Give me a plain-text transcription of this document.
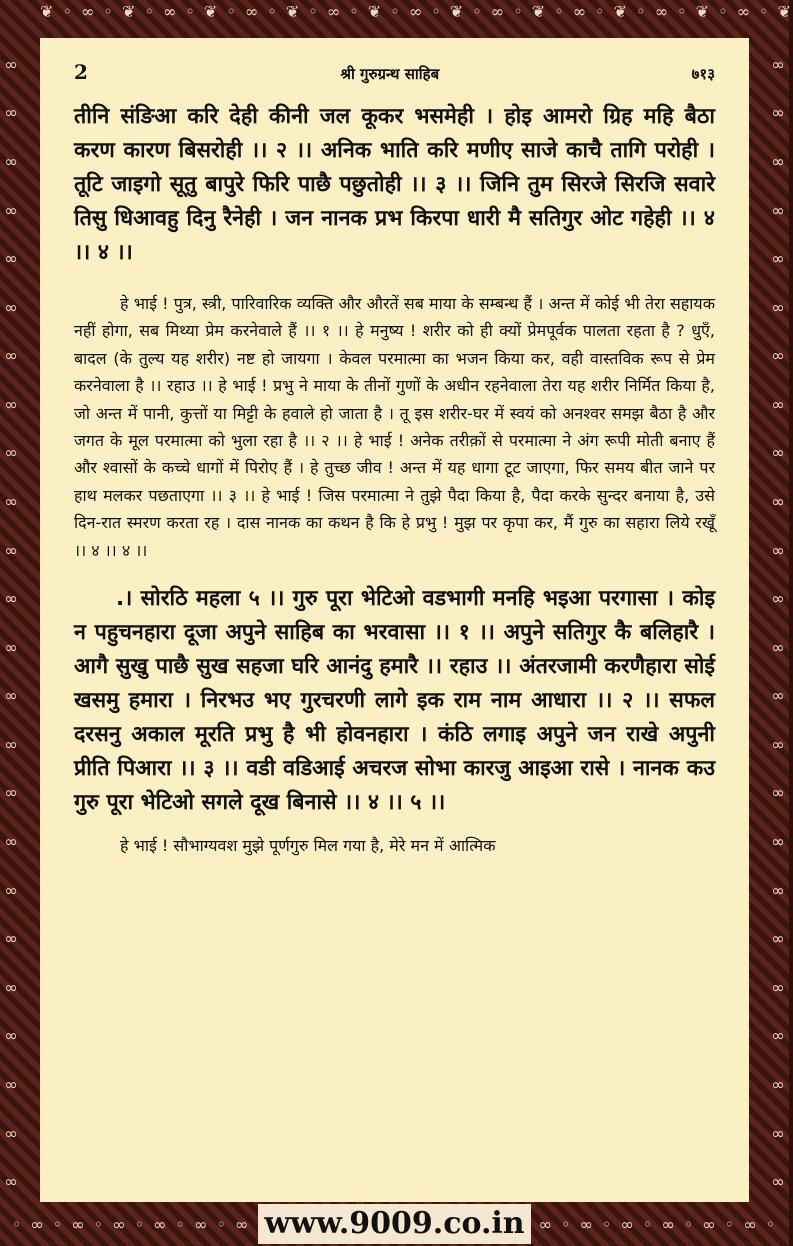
❦ ◦ ∞ ◦ ❦ ◦ ∞ ◦ ❦ ◦ ∞ ◦ ❦ ◦ ∞ ◦ ❦ ◦ ∞ ◦ ❦ ◦ ∞ ◦ ❦ ◦ ∞ ◦ ❦ ◦ ∞ ◦ ❦ ◦ ∞ ◦ ❦
∞
∞
∞
∞
∞
∞
∞
∞
∞
∞
∞
∞
∞
∞
∞
∞
∞
∞
∞
∞
∞
∞
∞
∞
∞
∞
∞
∞
∞
∞
∞
∞
∞
∞
∞
∞
∞
∞
∞
∞
∞
∞
∞
∞
∞
∞
∞
∞
2	श्री गुरुग्रन्थ साहिब	७१३

तीनि संङिआ करि देही कीनी जल कूकर भसमेही । होइ आमरो ग्रिह महि बैठा करण कारण बिसरोही ।। २ ।। अनिक भाति करि मणीए साजे काचै तागि परोही । तूटि जाइगो सूतु बापुरे फिरि पाछै पछुतोही ।। ३ ।। जिनि तुम सिरजे सिरजि सवारे तिसु धिआवहु दिनु रैनेही । जन नानक प्रभ किरपा धारी मै सतिगुर ओट गहेही ।। ४ ।। ४ ।।

हे भाई ! पुत्र, स्त्री, पारिवारिक व्यक्ति और औरतें सब माया के सम्बन्ध हैं । अन्त में कोई भी तेरा सहायक नहीं होगा, सब मिथ्या प्रेम करनेवाले हैं ।। १ ।। हे मनुष्य ! शरीर को ही क्यों प्रेमपूर्वक पालता रहता है ? धुएँ, बादल (के तुल्य यह शरीर) नष्ट हो जायगा । केवल परमात्मा का भजन किया कर, वही वास्तविक रूप से प्रेम करनेवाला है ।। रहाउ ।। हे भाई ! प्रभु ने माया के तीनों गुणों के अधीन रहनेवाला तेरा यह शरीर निर्मित किया है, जो अन्त में पानी, कुत्तों या मिट्टी के हवाले हो जाता है । तू इस शरीर-घर में स्वयं को अनश्वर समझ बैठा है और जगत के मूल परमात्मा को भुला रहा है ।। २ ।। हे भाई ! अनेक तरीक़ों से परमात्मा ने अंग रूपी मोती बनाए हैं और श्वासों के कच्चे धागों में पिरोए हैं । हे तुच्छ जीव ! अन्त में यह धागा टूट जाएगा, फिर समय बीत जाने पर हाथ मलकर पछताएगा ।। ३ ।। हे भाई ! जिस परमात्मा ने तुझे पैदा किया है, पैदा करके सुन्दर बनाया है, उसे दिन-रात स्मरण करता रह । दास नानक का कथन है कि हे प्रभु ! मुझ पर कृपा कर, मैं गुरु का सहारा लिये रखूँ ।। ४ ।। ४ ।।

.। सोरठि महला ५ ।। गुरु पूरा भेटिओ वडभागी मनहि भइआ परगासा । कोइ न पहुचनहारा दूजा अपुने साहिब का भरवासा ।। १ ।। अपुने सतिगुर कै बलिहारै । आगै सुखु पाछै सुख सहजा घरि आनंदु हमारै ।। रहाउ ।। अंतरजामी करणैहारा सोई खसमु हमारा । निरभउ भए गुरचरणी लागे इक राम नाम आधारा ।। २ ।। सफल दरसनु अकाल मूरति प्रभु है भी होवनहारा । कंठि लगाइ अपुने जन राखे अपुनी प्रीति पिआरा ।। ३ ।। वडी वडिआई अचरज सोभा कारजु आइआ रासे । नानक कउ गुरु पूरा भेटिओ सगले दूख बिनासे ।। ४ ।। ५ ।।

हे भाई ! सौभाग्यवश मुझे पूर्णगुरु मिल गया है, मेरे मन में आत्मिक

◦ ∞ ◦ ∞ ◦ ∞ ◦ ∞ ◦ ∞ ◦ ∞ www.9009.co.in ∞ ◦ ∞ ◦ ∞ ◦ ∞ ◦ ∞ ◦ ∞ ◦
